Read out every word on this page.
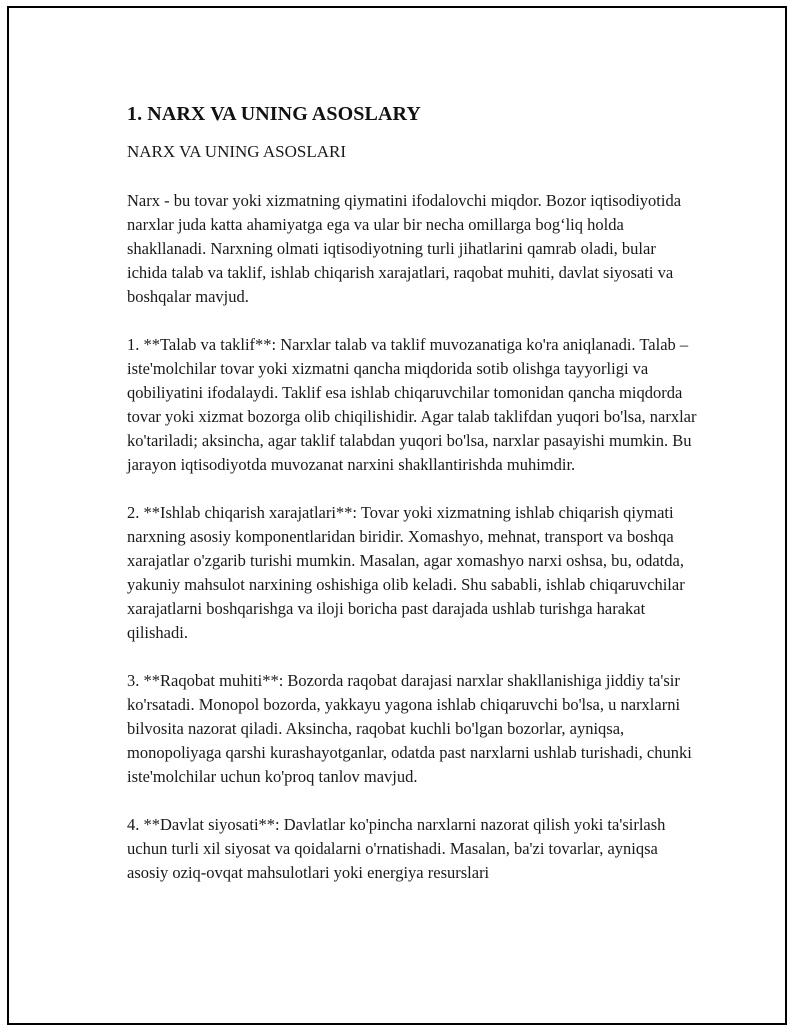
1. NARX VA UNING ASOSLARY

NARX VA UNING ASOSLARI

Narx - bu tovar yoki xizmatning qiymatini ifodalovchi miqdor. Bozor iqtisodiyotida narxlar juda katta ahamiyatga ega va ular bir necha omillarga bog‘liq holda shakllanadi. Narxning olmati iqtisodiyotning turli jihatlarini qamrab oladi, bular ichida talab va taklif, ishlab chiqarish xarajatlari, raqobat muhiti, davlat siyosati va boshqalar mavjud.

1. **Talab va taklif**: Narxlar talab va taklif muvozanatiga ko'ra aniqlanadi. Talab – iste'molchilar tovar yoki xizmatni qancha miqdorida sotib olishga tayyorligi va qobiliyatini ifodalaydi. Taklif esa ishlab chiqaruvchilar tomonidan qancha miqdorda tovar yoki xizmat bozorga olib chiqilishidir. Agar talab taklifdan yuqori bo'lsa, narxlar ko'tariladi; aksincha, agar taklif talabdan yuqori bo'lsa, narxlar pasayishi mumkin. Bu jarayon iqtisodiyotda muvozanat narxini shakllantirishda muhimdir.

2. **Ishlab chiqarish xarajatlari**: Tovar yoki xizmatning ishlab chiqarish qiymati narxning asosiy komponentlaridan biridir. Xomashyo, mehnat, transport va boshqa xarajatlar o'zgarib turishi mumkin. Masalan, agar xomashyo narxi oshsa, bu, odatda, yakuniy mahsulot narxining oshishiga olib keladi. Shu sababli, ishlab chiqaruvchilar xarajatlarni boshqarishga va iloji boricha past darajada ushlab turishga harakat qilishadi.

3. **Raqobat muhiti**: Bozorda raqobat darajasi narxlar shakllanishiga jiddiy ta'sir ko'rsatadi. Monopol bozorda, yakkayu yagona ishlab chiqaruvchi bo'lsa, u narxlarni bilvosita nazorat qiladi. Aksincha, raqobat kuchli bo'lgan bozorlar, ayniqsa, monopoliyaga qarshi kurashayotganlar, odatda past narxlarni ushlab turishadi, chunki iste'molchilar uchun ko'proq tanlov mavjud.

4. **Davlat siyosati**: Davlatlar ko'pincha narxlarni nazorat qilish yoki ta'sirlash uchun turli xil siyosat va qoidalarni o'rnatishadi. Masalan, ba'zi tovarlar, ayniqsa asosiy oziq-ovqat mahsulotlari yoki energiya resurslari
